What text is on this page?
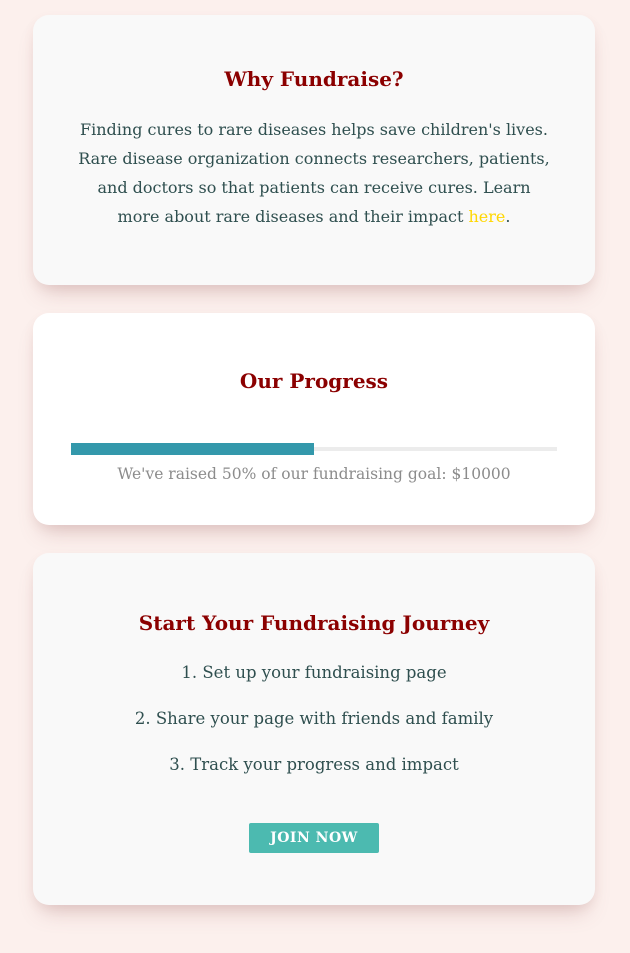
Why Fundraise?

Finding cures to rare diseases helps save children's lives. Rare disease organization connects researchers, patients, and doctors so that patients can receive cures. Learn more about rare diseases and their impact here.

Our Progress

We've raised 50% of our fundraising goal: $10000

Start Your Fundraising Journey
1. Set up your fundraising page
2. Share your page with friends and family
3. Track your progress and impact
JOIN NOW
